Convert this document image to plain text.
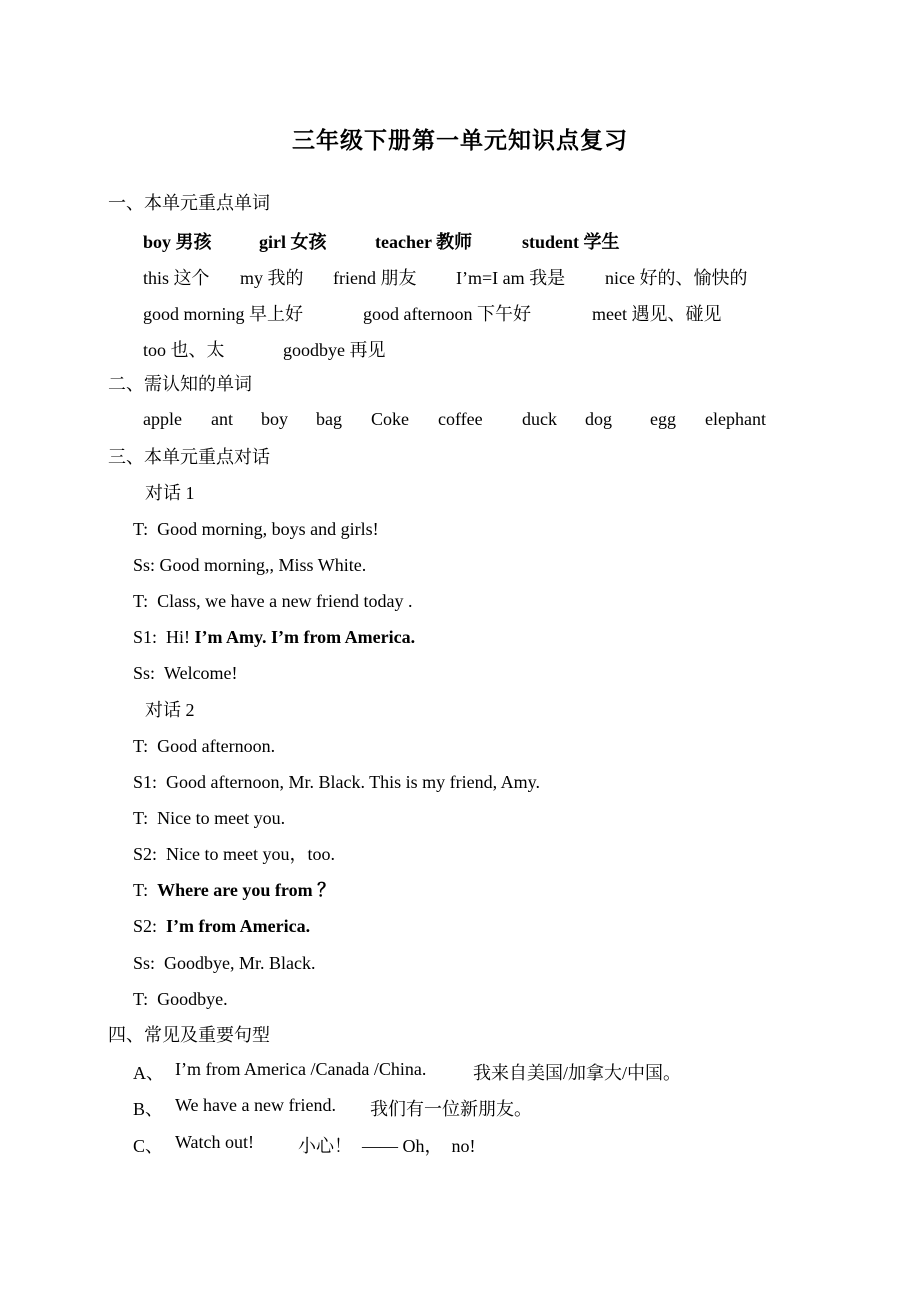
三年级下册第一单元知识点复习
一、本单元重点单词
boy 男孩	girl 女孩	teacher 教师	student 学生
this 这个 my 我的 friend 朋友 I’m=I am 我是 nice 好的、愉快的
good morning 早上好	good afternoon 下午好	meet 遇见、碰见
too 也、太	goodbye 再见
二、需认知的单词
apple ant boy bag Coke coffee duck dog egg elephant
三、本单元重点对话
对话 1
T: Good morning, boys and girls!
Ss: Good morning,, Miss White.
T: Class, we have a new friend today .
S1: Hi! I’m Amy. I’m from America.
Ss: Welcome!
对话 2
T: Good afternoon.
S1: Good afternoon, Mr. Black. This is my friend, Amy.
T: Nice to meet you.
S2: Nice to meet you，too.
T: Where are you from ？
S2: I’m from America.
Ss: Goodbye, Mr. Black.
T: Goodbye.
四、常见及重要句型
A、 I’m from America /Canada /China.	我来自美国/加拿大/中国。
B、 We have a new friend. 我们有一位新朋友。
C、 Watch out! 小心！ —— Oh，  no!
